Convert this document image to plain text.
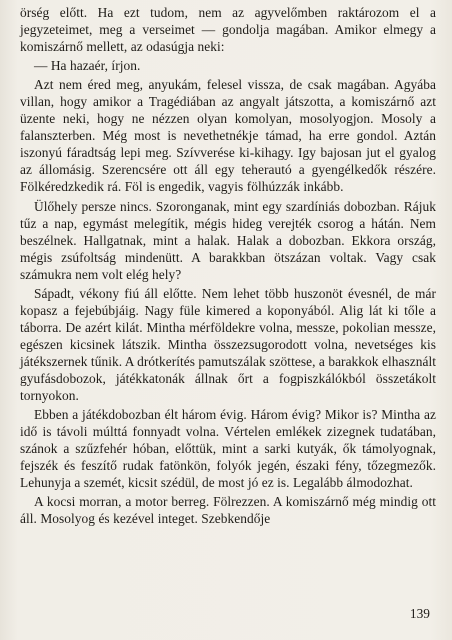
örség előtt. Ha ezt tudom, nem az agyvelőmben raktározom el a jegyzeteimet, meg a verseimet — gondolja magában. Amikor elmegy a komiszárnő mellett, az odasúgja neki:

— Ha hazaér, írjon.

Azt nem éred meg, anyukám, felesel vissza, de csak magában. Agyába villan, hogy amikor a Tragédiában az angyalt játszotta, a komiszárnő azt üzente neki, hogy ne nézzen olyan komolyan, mosolyogjon. Mosoly a falanszterben. Még most is nevethetnékje támad, ha erre gondol. Aztán iszonyú fáradtság lepi meg. Szívverése ki-kihagy. Igy bajosan jut el gyalog az állomásig. Szerencsére ott áll egy teherautó a gyengélkedők részére. Fölkéredzkedik rá. Föl is engedik, vagyis fölhúzzák inkább.

Ülőhely persze nincs. Szoronganak, mint egy szardíniás dobozban. Rájuk tűz a nap, egymást melegítik, mégis hideg verejték csorog a hátán. Nem beszélnek. Hallgatnak, mint a halak. Halak a dobozban. Ekkora ország, mégis zsúfoltság mindenütt. A barakkban ötszázan voltak. Vagy csak számukra nem volt elég hely?

Sápadt, vékony fiú áll előtte. Nem lehet több huszonöt évesnél, de már kopasz a fejebúbjáig. Nagy füle kimered a koponyából. Alig lát ki tőle a táborra. De azért kilát. Mintha mérföldekre volna, messze, pokolian messze, egészen kicsinek látszik. Mintha összezsugorodott volna, nevetséges kis játékszernek tűnik. A drótkerítés pamutszálak szöttese, a barakkok elhasznált gyufásdobozok, játékkatonák állnak őrt a fogpiszkálókból összetákolt tornyokon.

Ebben a játékdobozban élt három évig. Három évig? Mikor is? Mintha az idő is távoli múlttá fonnyadt volna. Vértelen emlékek zizegnek tudatában, szánok a szűzfehér hóban, előttük, mint a sarki kutyák, ők támolyognak, fejszék és feszítő rudak fatönkön, folyók jegén, északi fény, tőzegmezők. Lehunyja a szemét, kicsit szédül, de most jó ez is. Legalább álmodozhat.

A kocsi morran, a motor berreg. Fölrezzen. A komiszárnő még mindig ott áll. Mosolyog és kezével integet. Szebkendője

139
